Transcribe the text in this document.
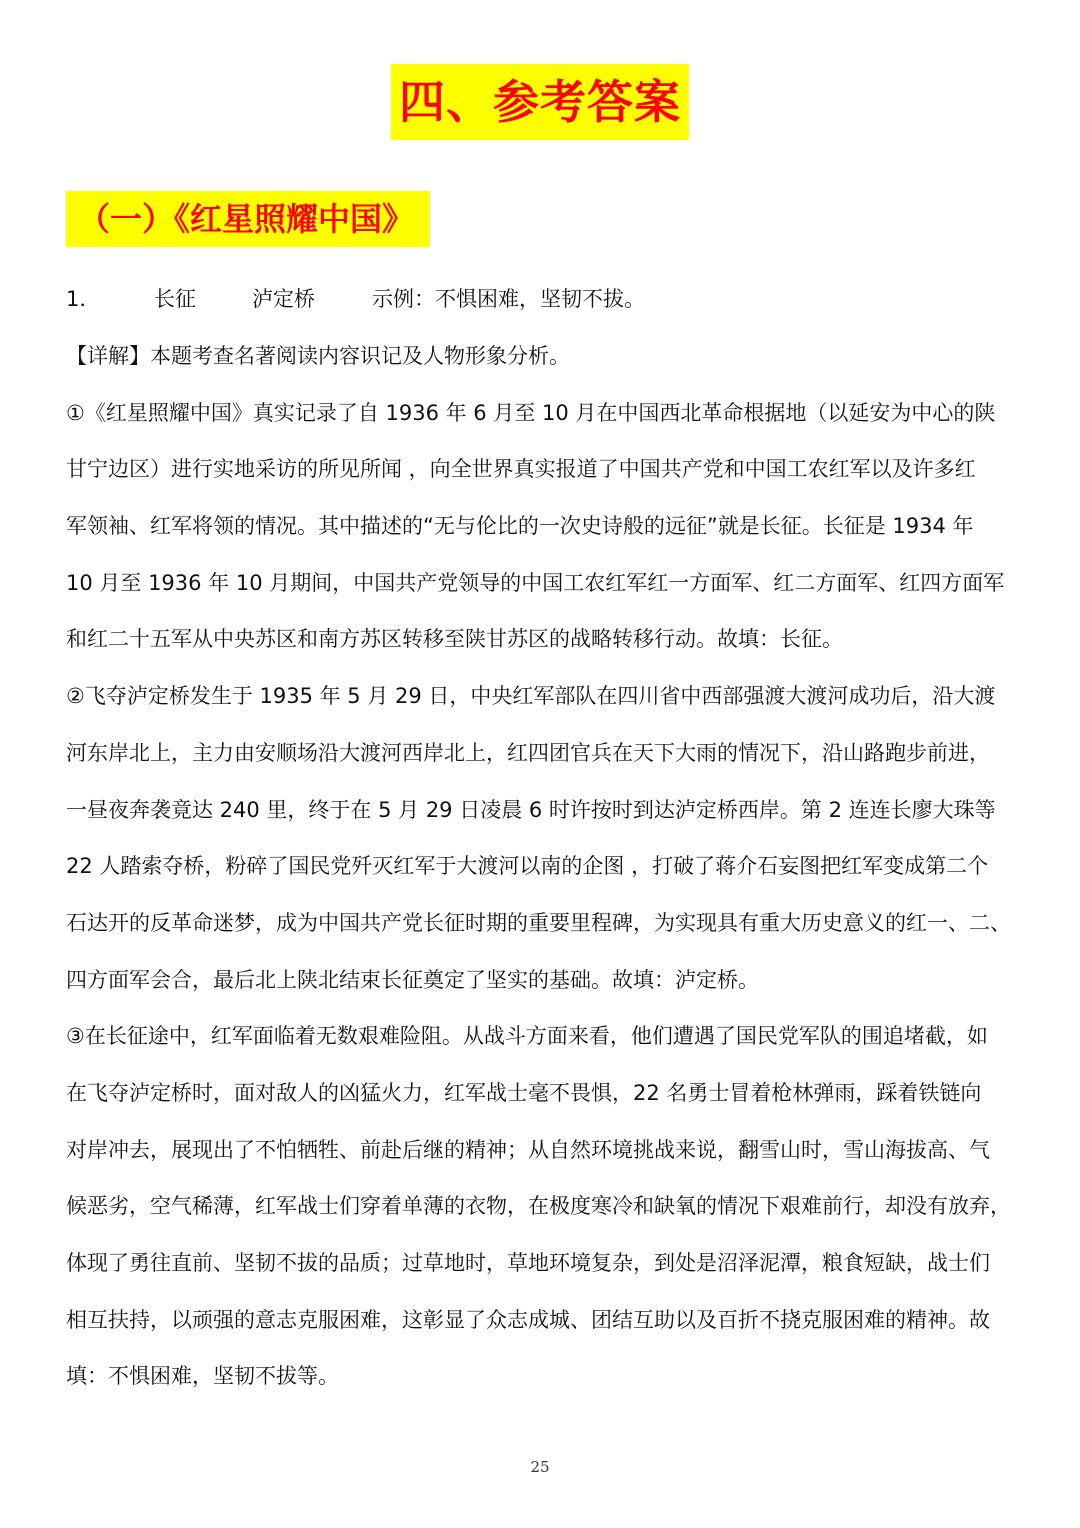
四、参考答案
（一）《红星照耀中国》
1．	长征	泸定桥	示例：不惧困难，坚韧不拔。

【详解】本题考查名著阅读内容识记及人物形象分析。

①《红星照耀中国》真实记录了自 1936 年 6 月至 10 月在中国西北革命根据地（以延安为中心的陕
甘宁边区）进行实地采访的所见所闻 ，向全世界真实报道了中国共产党和中国工农红军以及许多红
军领袖、红军将领的情况。其中描述的“无与伦比的一次史诗般的远征”就是长征。长征是 1934 年
10 月至 1936 年 10 月期间，中国共产党领导的中国工农红军红一方面军、红二方面军、红四方面军
和红二十五军从中央苏区和南方苏区转移至陕甘苏区的战略转移行动。故填：长征。

②飞夺泸定桥发生于 1935 年 5 月 29 日，中央红军部队在四川省中西部强渡大渡河成功后，沿大渡
河东岸北上，主力由安顺场沿大渡河西岸北上，红四团官兵在天下大雨的情况下，沿山路跑步前进，
一昼夜奔袭竟达 240 里，终于在 5 月 29 日凌晨 6 时许按时到达泸定桥西岸。第 2 连连长廖大珠等
22 人踏索夺桥，粉碎了国民党歼灭红军于大渡河以南的企图 ，打破了蒋介石妄图把红军变成第二个
石达开的反革命迷梦，成为中国共产党长征时期的重要里程碑，为实现具有重大历史意义的红一、二、
四方面军会合，最后北上陕北结束长征奠定了坚实的基础。故填：泸定桥。

③在长征途中，红军面临着无数艰难险阻。从战斗方面来看，他们遭遇了国民党军队的围追堵截，如
在飞夺泸定桥时，面对敌人的凶猛火力，红军战士毫不畏惧，22 名勇士冒着枪林弹雨，踩着铁链向
对岸冲去，展现出了不怕牺牲、前赴后继的精神；从自然环境挑战来说，翻雪山时，雪山海拔高、气
候恶劣，空气稀薄，红军战士们穿着单薄的衣物，在极度寒冷和缺氧的情况下艰难前行，却没有放弃，
体现了勇往直前、坚韧不拔的品质；过草地时，草地环境复杂，到处是沼泽泥潭，粮食短缺，战士们
相互扶持，以顽强的意志克服困难，这彰显了众志成城、团结互助以及百折不挠克服困难的精神。故
填：不惧困难，坚韧不拔等。

25
